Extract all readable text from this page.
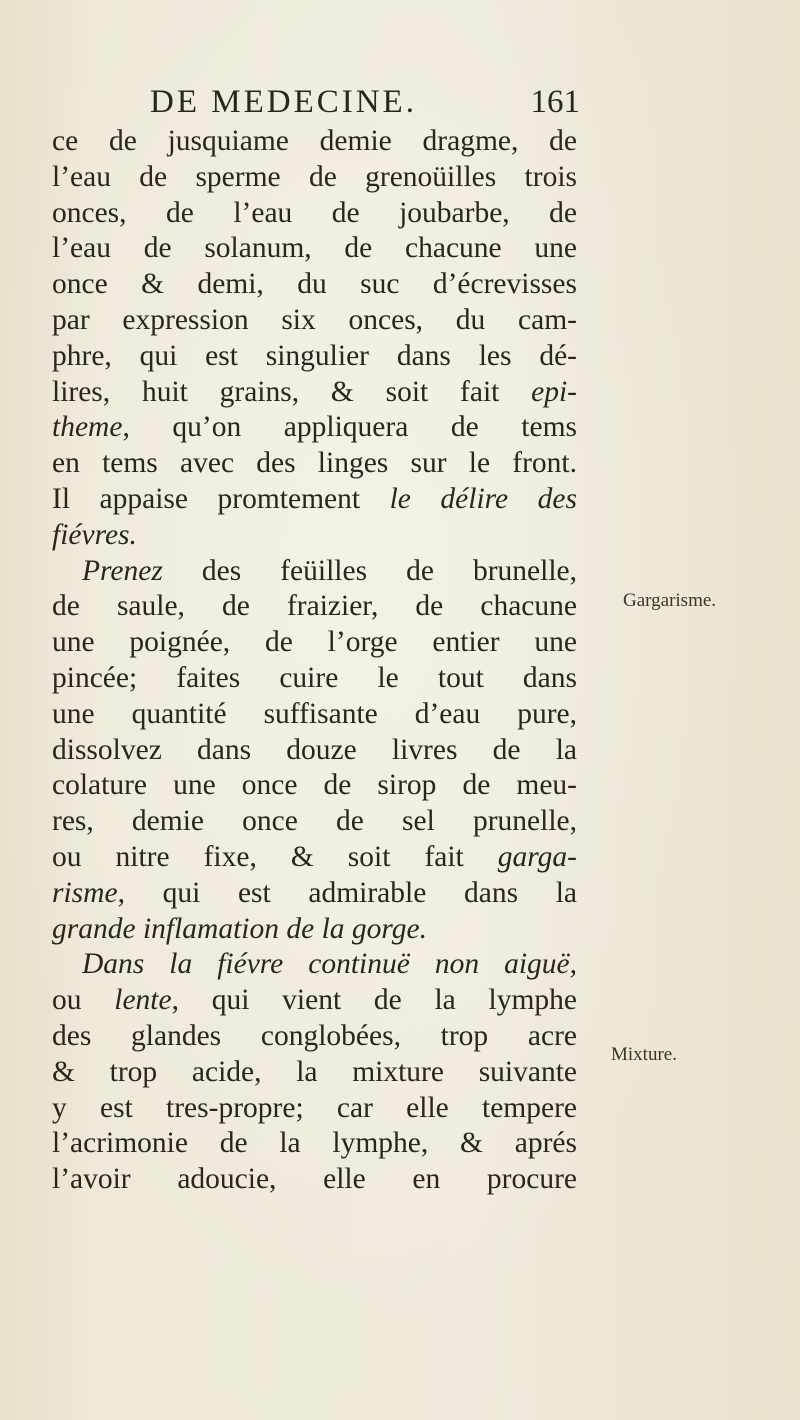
DE MEDECINE.	161
ce de jusquiame demie dragme, de
l’eau de sperme de grenoüilles trois
onces, de l’eau de joubarbe, de
l’eau de solanum, de chacune une
once & demi, du suc d’écrevisses
par expression six onces, du cam-
phre, qui est singulier dans les dé-
lires, huit grains, & soit fait epi-
theme, qu’on appliquera de tems
en tems avec des linges sur le front.
Il appaise promtement le délire des
fiévres.
Prenez des feüilles de brunelle,
de saule, de fraizier, de chacune
une poignée, de l’orge entier une
pincée; faites cuire le tout dans
une quantité suffisante d’eau pure,
dissolvez dans douze livres de la
colature une once de sirop de meu-
res, demie once de sel prunelle,
ou nitre fixe, & soit fait garga-
risme, qui est admirable dans la
grande inflamation de la gorge.
Dans la fiévre continuë non aiguë,
ou lente, qui vient de la lymphe
des glandes conglobées, trop acre
& trop acide, la mixture suivante
y est tres-propre; car elle tempere
l’acrimonie de la lymphe, & aprés
l’avoir adoucie, elle en procure
Gargarisme.
Mixture.
